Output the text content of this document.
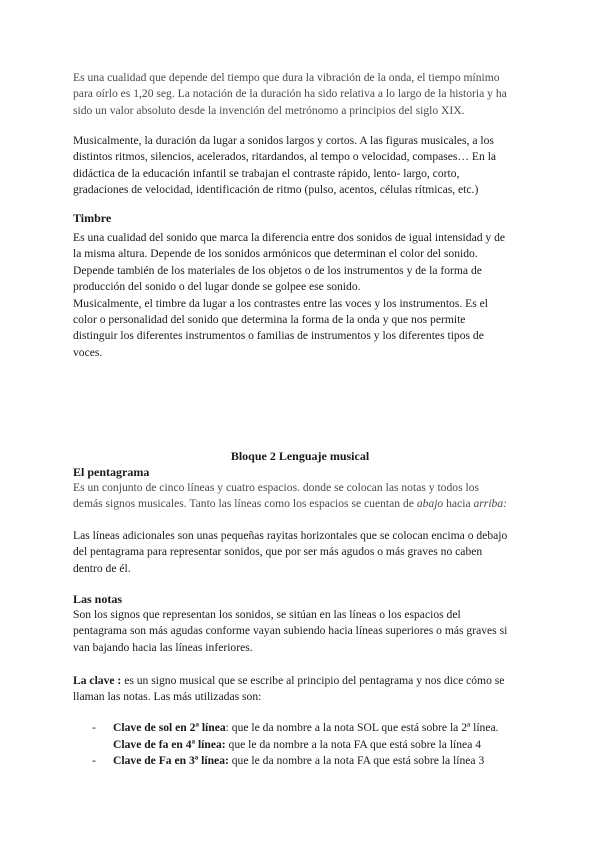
Es una cualidad que depende del tiempo que dura la vibración de la onda, el tiempo mínimo

para oírlo es 1,20 seg. La notación de la duración ha sido relativa a lo largo de la historia y ha

sido un valor absoluto desde la invención del metrónomo a principios del siglo XIX.

Musicalmente, la duración da lugar a sonidos largos y cortos. A las figuras musicales, a los

distintos ritmos, silencios, acelerados, ritardandos, al tempo o velocidad, compases… En la

didáctica de la educación infantil se trabajan el contraste rápido, lento- largo, corto,

gradaciones de velocidad, identificación de ritmo (pulso, acentos, células rítmicas, etc.)

Timbre

Es una cualidad del sonido que marca la diferencia entre dos sonidos de igual intensidad y de

la misma altura. Depende de los sonidos armónicos que determinan el color del sonido.

Depende también de los materiales de los objetos o de los instrumentos y de la forma de

producción del sonido o del lugar donde se golpee ese sonido.

Musicalmente, el timbre da lugar a los contrastes entre las voces y los instrumentos. Es el

color o personalidad del sonido que determina la forma de la onda y que nos permite

distinguir los diferentes instrumentos o familias de instrumentos y los diferentes tipos de

voces.

Bloque 2 Lenguaje musical
El pentagrama

Es un conjunto de cinco líneas y cuatro espacios. donde se colocan las notas y todos los

demás signos musicales. Tanto las líneas como los espacios se cuentan de abajo hacia arriba:

Las líneas adicionales son unas pequeñas rayitas horizontales que se colocan encima o debajo

del pentagrama para representar sonidos, que por ser más agudos o más graves no caben

dentro de él.

Las notas

Son los signos que representan los sonidos, se sitúan en las líneas o los espacios del

pentagrama son más agudas conforme vayan subiendo hacia líneas superiores o más graves si

van bajando hacia las líneas inferiores.

La clave : es un signo musical que se escribe al principio del pentagrama y nos dice cómo se

llaman las notas. Las más utilizadas son:

- Clave de sol en 2ª línea: que le da nombre a la nota SOL que está sobre la 2ª línea.
Clave de fa en 4ª línea: que le da nombre a la nota FA que está sobre la línea 4
- Clave de Fa en 3ª línea: que le da nombre a la nota FA que está sobre la línea 3
